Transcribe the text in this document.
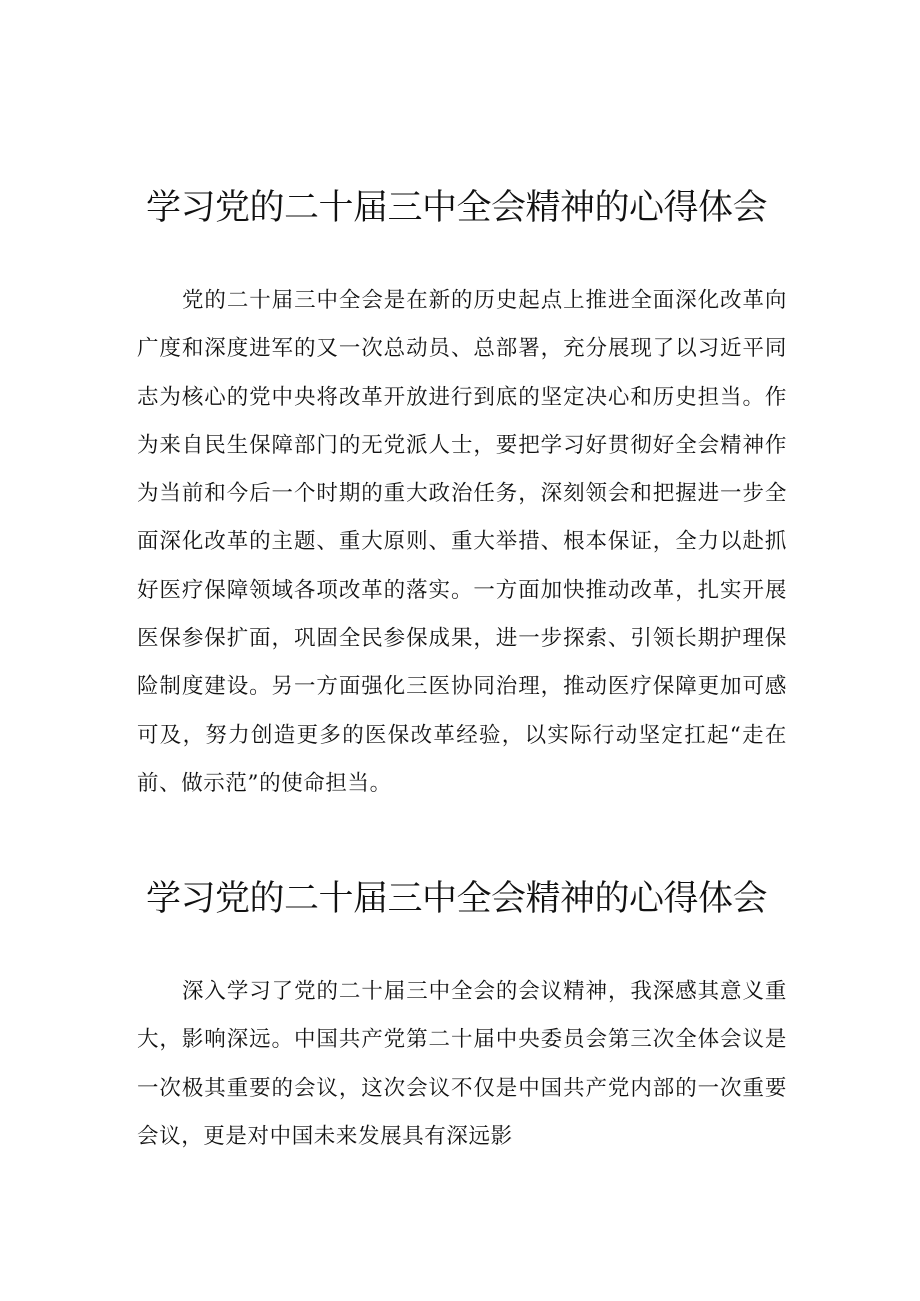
学习党的二十届三中全会精神的心得体会

党的二十届三中全会是在新的历史起点上推进全面深化改革向广度和深度进军的又一次总动员、总部署，充分展现了以习近平同志为核心的党中央将改革开放进行到底的坚定决心和历史担当。作为来自民生保障部门的无党派人士，要把学习好贯彻好全会精神作为当前和今后一个时期的重大政治任务，深刻领会和把握进一步全面深化改革的主题、重大原则、重大举措、根本保证，全力以赴抓好医疗保障领域各项改革的落实。一方面加快推动改革，扎实开展医保参保扩面，巩固全民参保成果，进一步探索、引领长期护理保险制度建设。另一方面强化三医协同治理，推动医疗保障更加可感可及，努力创造更多的医保改革经验，以实际行动坚定扛起“走在前、做示范”的使命担当。

学习党的二十届三中全会精神的心得体会

深入学习了党的二十届三中全会的会议精神，我深感其意义重大，影响深远。中国共产党第二十届中央委员会第三次全体会议是一次极其重要的会议，这次会议不仅是中国共产党内部的一次重要会议，更是对中国未来发展具有深远影
